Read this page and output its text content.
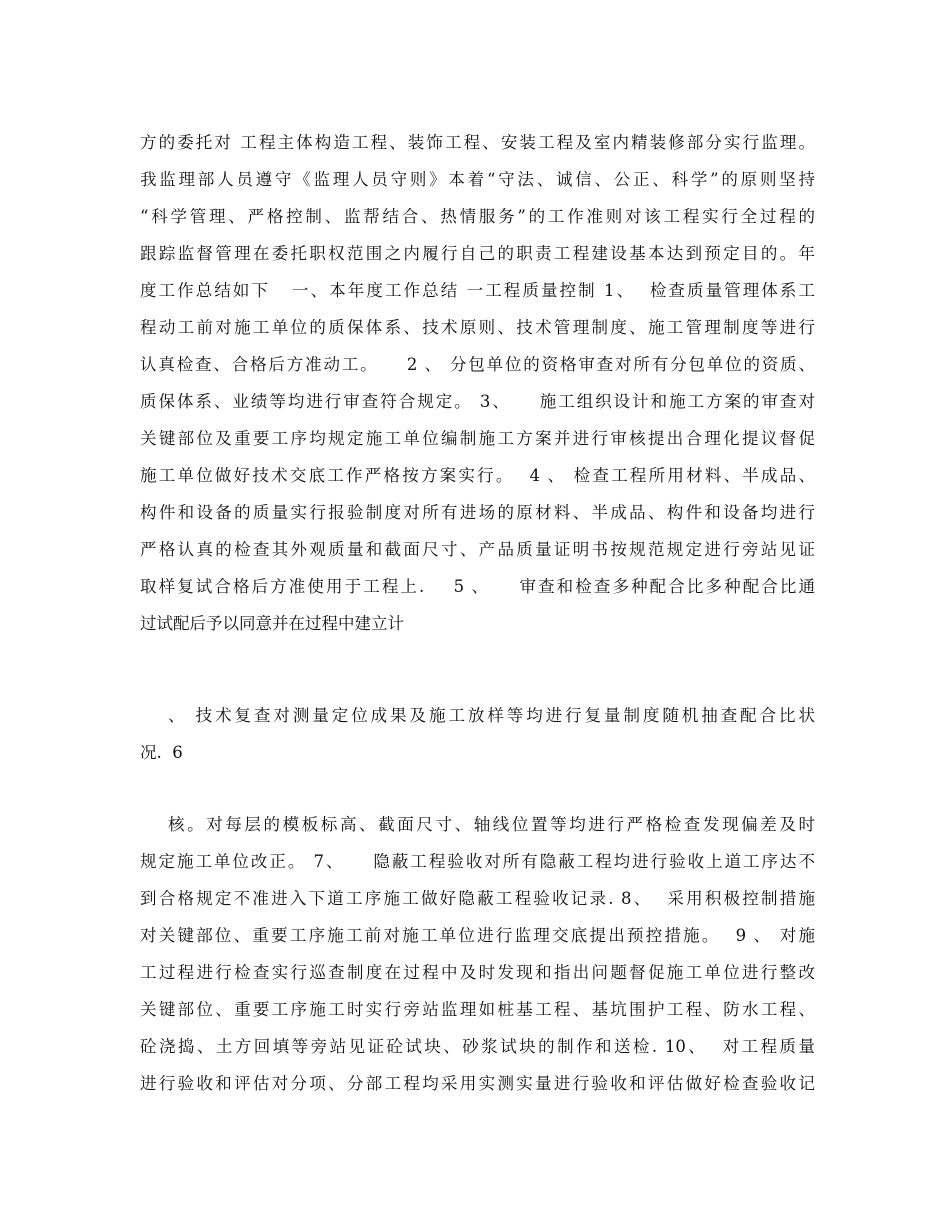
方的委托对 工程主体构造工程、装饰工程、安装工程及室内精装修部分实行监理。
我监理部人员遵守《监理人员守则》本着“守法、诚信、公正、科学”的原则坚持
“科学管理、严格控制、监帮结合、热情服务”的工作准则对该工程实行全过程的
跟踪监督管理在委托职权范围之内履行自己的职责工程建设基本达到预定目的。年
度工作总结如下   一、本年度工作总结 一工程质量控制 1、  检查质量管理体系工
程动工前对施工单位的质保体系、技术原则、技术管理制度、施工管理制度等进行
认真检查、合格后方准动工。    2 、 分包单位的资格审查对所有分包单位的资质、
质保体系、业绩等均进行审查符合规定。 3、    施工组织设计和施工方案的审查对
关键部位及重要工序均规定施工单位编制施工方案并进行审核提出合理化提议督促
施工单位做好技术交底工作严格按方案实行。  4 、 检查工程所用材料、半成品、
构件和设备的质量实行报验制度对所有进场的原材料、半成品、构件和设备均进行
严格认真的检查其外观质量和截面尺寸、产品质量证明书按规范规定进行旁站见证
取样复试合格后方准使用于工程上.    5 、    审查和检查多种配合比多种配合比通
过试配后予以同意并在过程中建立计
、 技术复查对测量定位成果及施工放样等均进行复量制度随机抽查配合比状
况.  6
核。对每层的模板标高、截面尺寸、轴线位置等均进行严格检查发现偏差及时
规定施工单位改正。 7、    隐蔽工程验收对所有隐蔽工程均进行验收上道工序达不
到合格规定不准进入下道工序施工做好隐蔽工程验收记录. 8、  采用积极控制措施
对关键部位、重要工序施工前对施工单位进行监理交底提出预控措施。  9 、 对施
工过程进行检查实行巡查制度在过程中及时发现和指出问题督促施工单位进行整改
关键部位、重要工序施工时实行旁站监理如桩基工程、基坑围护工程、防水工程、
砼浇捣、土方回填等旁站见证砼试块、砂浆试块的制作和送检. 10、  对工程质量
进行验收和评估对分项、分部工程均采用实测实量进行验收和评估做好检查验收记
